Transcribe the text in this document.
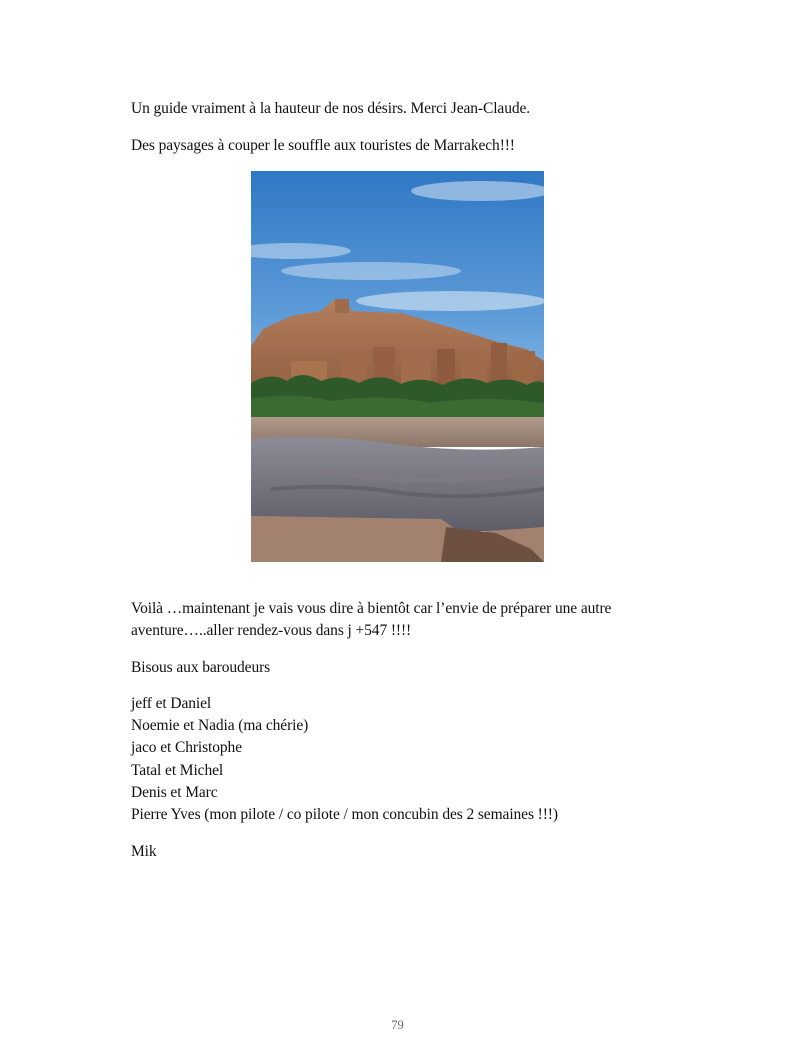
Un guide vraiment à la hauteur de nos désirs. Merci Jean-Claude.
Des paysages à couper le souffle aux touristes de Marrakech!!!
Voilà …maintenant je vais vous dire à bientôt car l’envie de préparer une autre
aventure…..aller rendez-vous dans j +547 !!!!
Bisous aux baroudeurs
jeff et Daniel
Noemie et Nadia (ma chérie)
jaco et Christophe
Tatal et Michel
Denis et Marc
Pierre Yves (mon pilote / co pilote / mon concubin des 2 semaines !!!)
Mik
79
